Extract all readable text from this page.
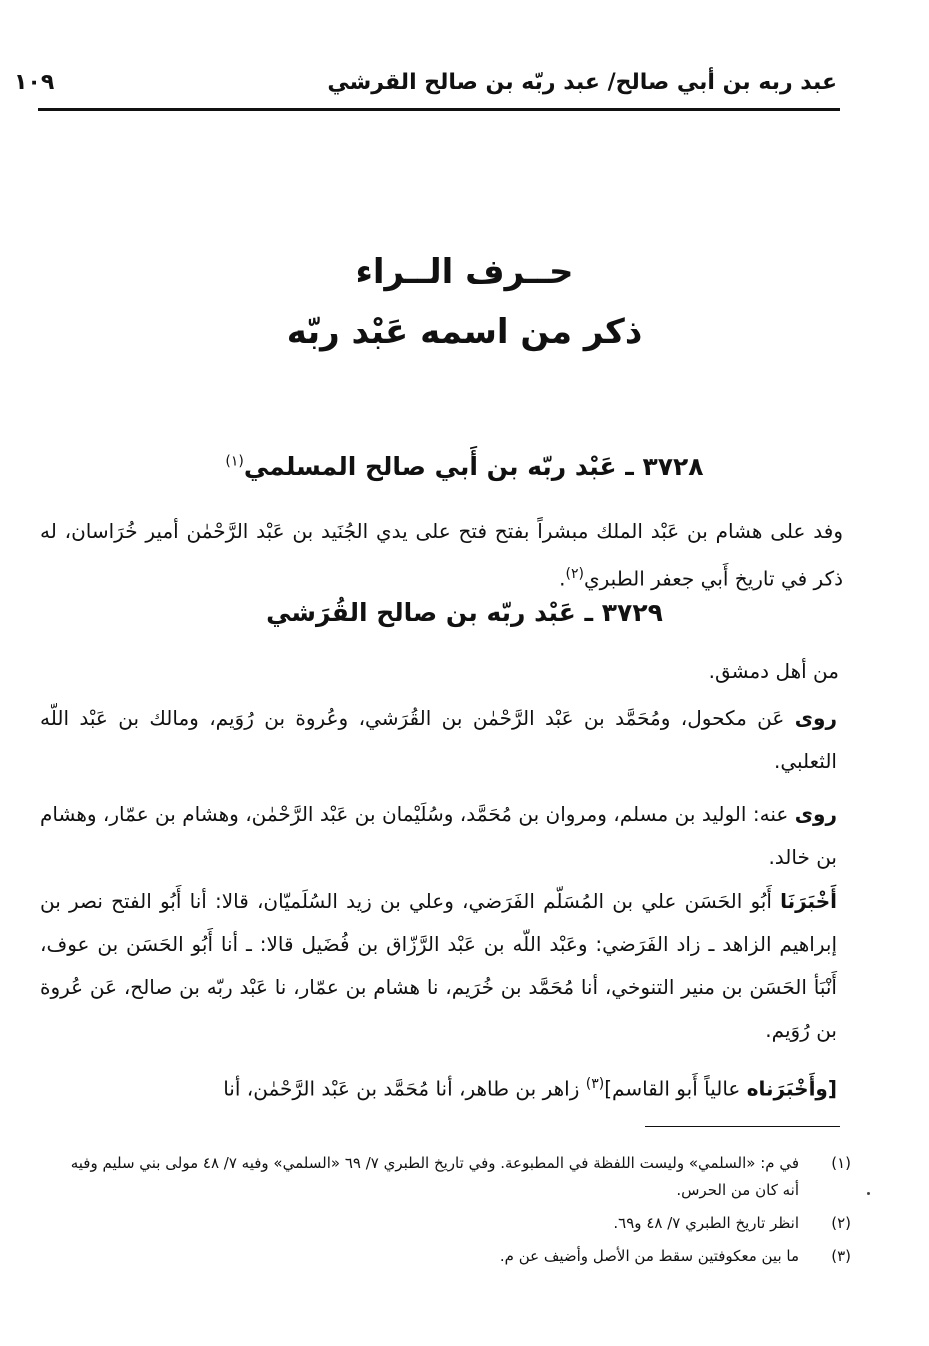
عبد ربه بن أبي صالح/ عبد ربّه بن صالح القرشي
١٠٩
حــرف الــراء
ذكر من اسمه عَبْد ربّه
٣٧٢٨ ـ عَبْد ربّه بن أَبي صالح المسلمي$^{(١)}$
وفد على هشام بن عَبْد الملك مبشراً بفتح فتح على يدي الجُنَيد بن عَبْد الرَّحْمٰن أمير خُرَاسان، له ذكر في تاريخ أَبي جعفر الطبري$^{(٢)}$.
٣٧٢٩ ـ عَبْد ربّه بن صالح القُرَشي
من أهل دمشق.
روى عَن مكحول، ومُحَمَّد بن عَبْد الرَّحْمٰن بن القُرَشي، وعُروة بن رُوَيم، ومالك بن عَبْد اللّه الثعلبي.
روى عنه: الوليد بن مسلم، ومروان بن مُحَمَّد، وسُلَيْمان بن عَبْد الرَّحْمٰن، وهشام بن عمّار، وهشام بن خالد.
أَخْبَرَنَا أَبُو الحَسَن علي بن المُسَلّم الفَرَضي، وعلي بن زيد السُلَميّان، قالا: أنا أَبُو الفتح نصر بن إبراهيم الزاهد ـ زاد الفَرَضي: وعَبْد اللّه بن عَبْد الرَّزّاق بن فُضَيل قالا: ـ أنا أَبُو الحَسَن بن عوف، أَنْبَأ الحَسَن بن منير التنوخي، أنا مُحَمَّد بن خُرَيم، نا هشام بن عمّار، نا عَبْد ربّه بن صالح، عَن عُروة بن رُوَيم.
[وأَخْبَرَناه عالياً أَبو القاسم]$^{(٣)}$ زاهر بن طاهر، أنا مُحَمَّد بن عَبْد الرَّحْمٰن، أنا
(١)
في م: «السلمي» وليست اللفظة في المطبوعة. وفي تاريخ الطبري ٧/ ٦٩ «السلمي» وفيه ٧/ ٤٨ مولى بني سليم وفيه أنه كان من الحرس.
(٢)
انظر تاريخ الطبري ٧/ ٤٨ و٦٩.
(٣)
ما بين معكوفتين سقط من الأصل وأضيف عن م.
